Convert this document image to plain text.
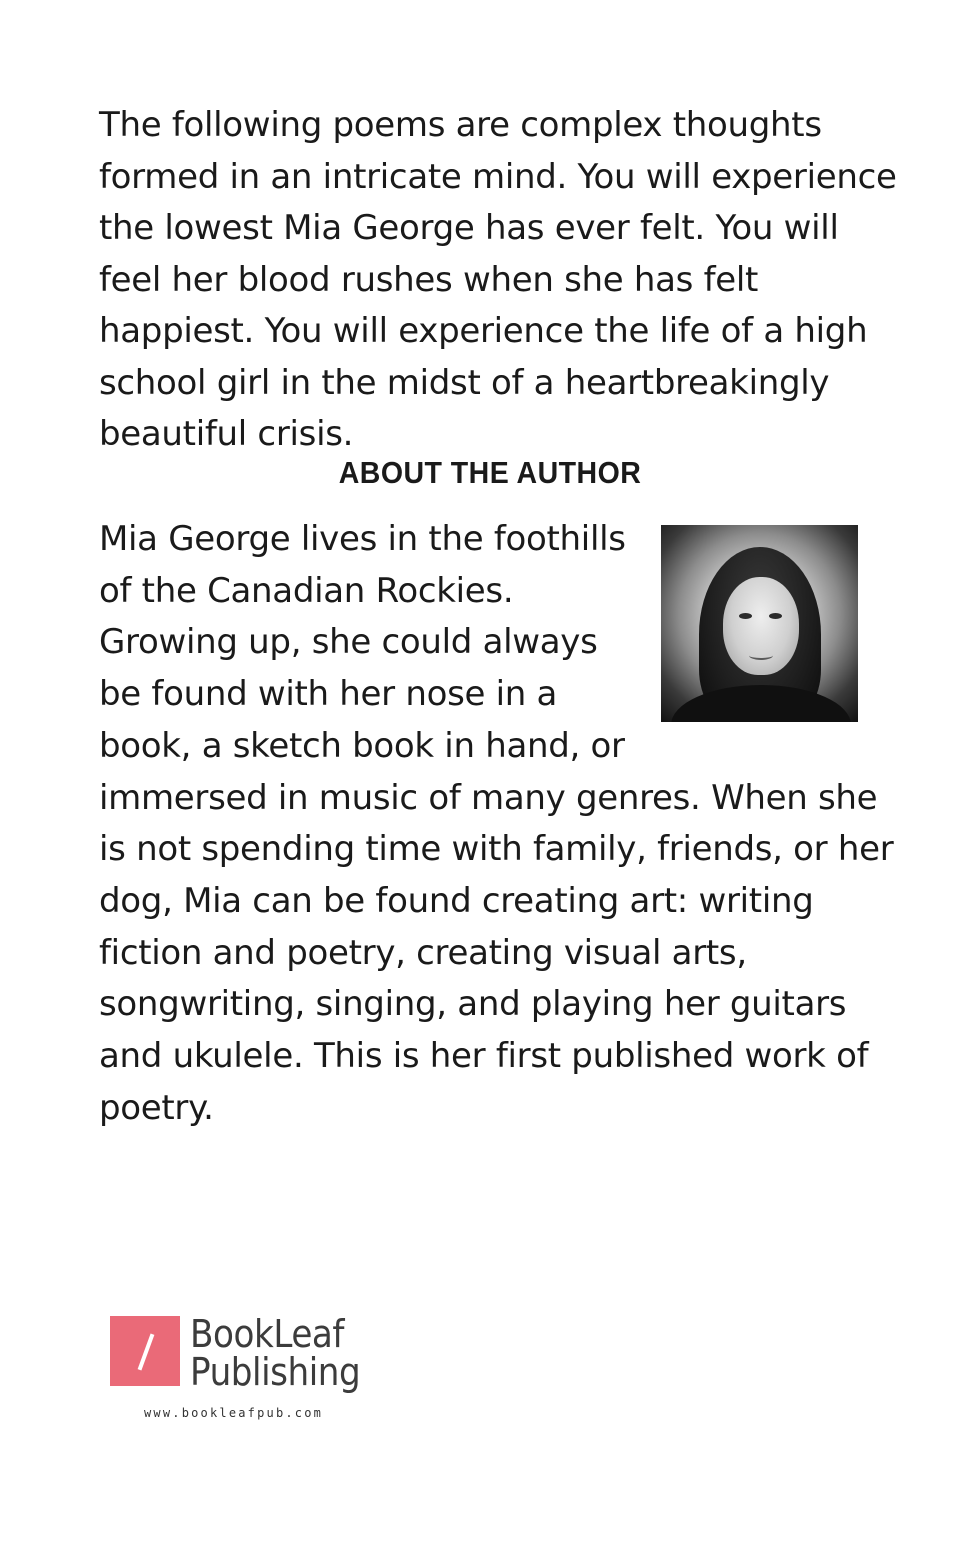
The following poems are complex thoughts formed in an intricate mind. You will experience the lowest Mia George has ever felt. You will feel her blood rushes when she has felt happiest. You will experience the life of a high school girl in the midst of a heartbreakingly beautiful crisis.

ABOUT THE AUTHOR
Mia George lives in the foothills of the Canadian Rockies. Growing up, she could always be found with her nose in a book, a sketch book in hand, or immersed in music of many genres. When she is not spending time with family, friends, or her dog, Mia can be found creating art: writing fiction and poetry, creating visual arts, songwriting, singing, and playing her guitars and ukulele. This is her first published work of poetry.
BookLeaf
Publishing
www.bookleafpub.com
